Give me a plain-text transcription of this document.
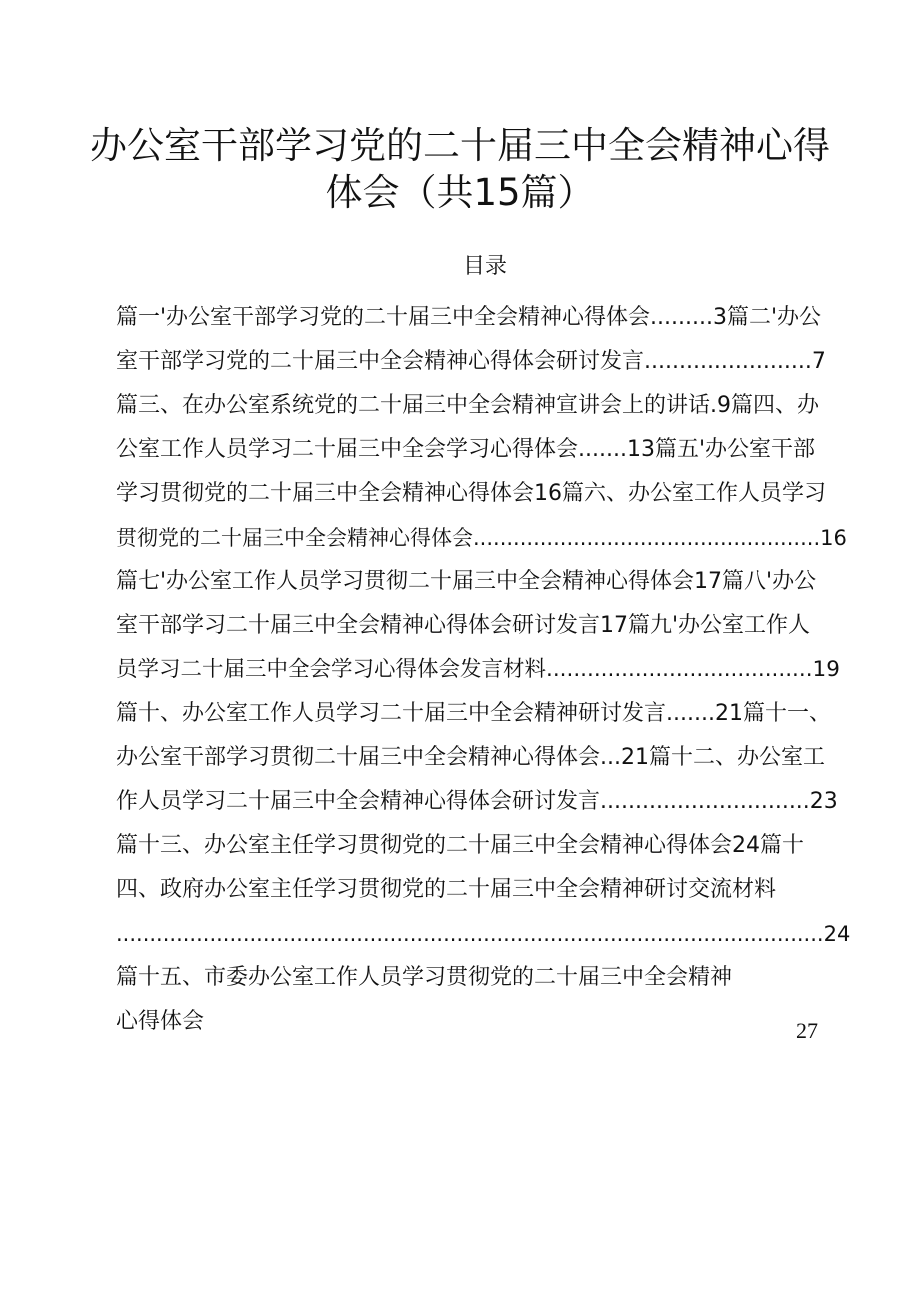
办公室干部学习党的二十届三中全会精神心得
体会（共15篇）
目录
篇一'办公室干部学习党的二十届三中全会精神心得体会.........3篇二'办公
室干部学习党的二十届三中全会精神心得体会研讨发言........................7
篇三、在办公室系统党的二十届三中全会精神宣讲会上的讲话.9篇四、办
公室工作人员学习二十届三中全会学习心得体会.......13篇五'办公室干部
学习贯彻党的二十届三中全会精神心得体会16篇六、办公室工作人员学习
贯彻党的二十届三中全会精神心得体会....................................................16
篇七'办公室工作人员学习贯彻二十届三中全会精神心得体会17篇八'办公
室干部学习二十届三中全会精神心得体会研讨发言17篇九'办公室工作人
员学习二十届三中全会学习心得体会发言材料.......................................19
篇十、办公室工作人员学习二十届三中全会精神研讨发言.......21篇十一、
办公室干部学习贯彻二十届三中全会精神心得体会...21篇十二、办公室工
作人员学习二十届三中全会精神心得体会研讨发言..............................23
篇十三、办公室主任学习贯彻党的二十届三中全会精神心得体会24篇十
四、政府办公室主任学习贯彻党的二十届三中全会精神研讨交流材料
..........................................................................................................24
篇十五、市委办公室工作人员学习贯彻党的二十届三中全会精神
心得体会	27
